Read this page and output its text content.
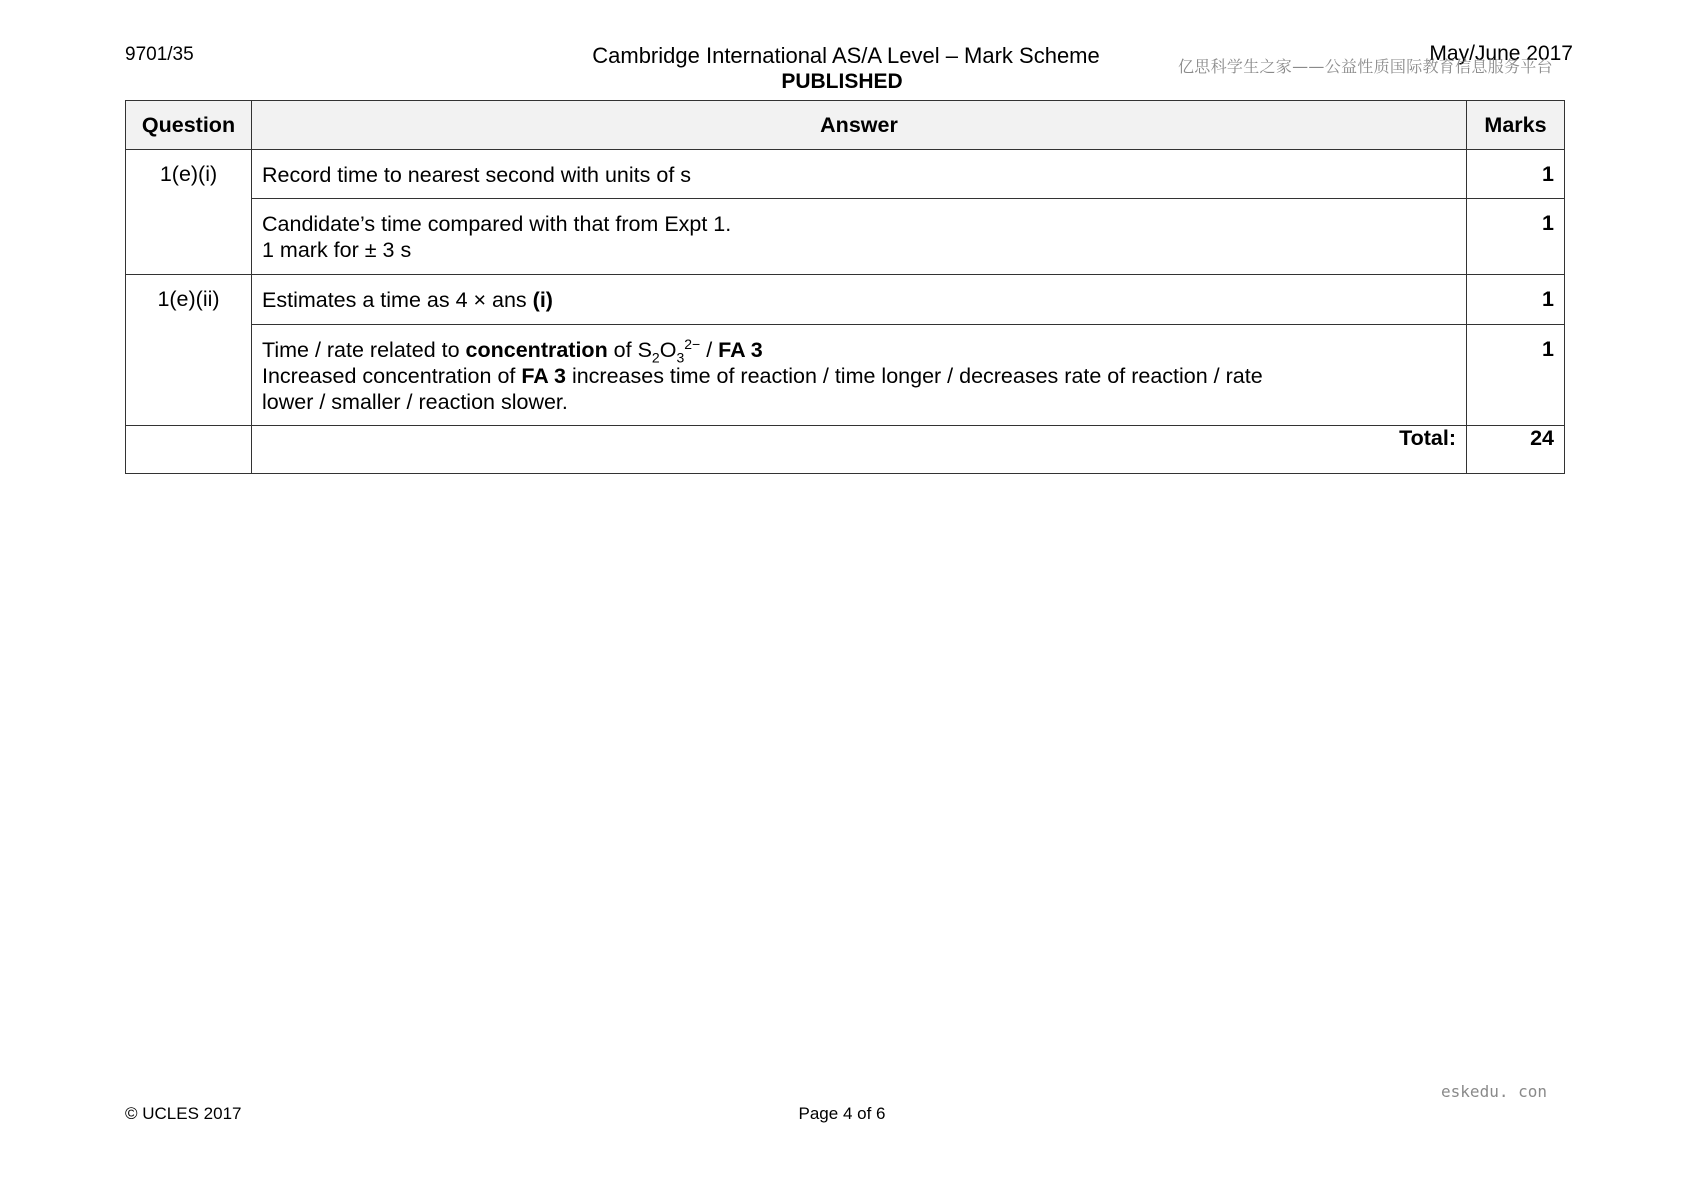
9701/35	Cambridge International AS/A Level – Mark Scheme
PUBLISHED
May/June 2017
亿思科学生之家——公益性质国际教育信息服务平台
Question	Answer	Marks
1(e)(i)	Record time to nearest second with units of s	1

	Candidate’s time compared with that from Expt 1.
1 mark for ± 3 s	1
1(e)(ii)	Estimates a time as 4 × ans (i)	1

	Time / rate related to concentration of $S_2O_3^{2-}$ / FA 3
Increased concentration of FA 3 increases time of reaction / time longer / decreases rate of reaction / rate
lower / smaller / reaction slower.	1
	Total:	24
eskedu. con
© UCLES 2017	Page 4 of 6
